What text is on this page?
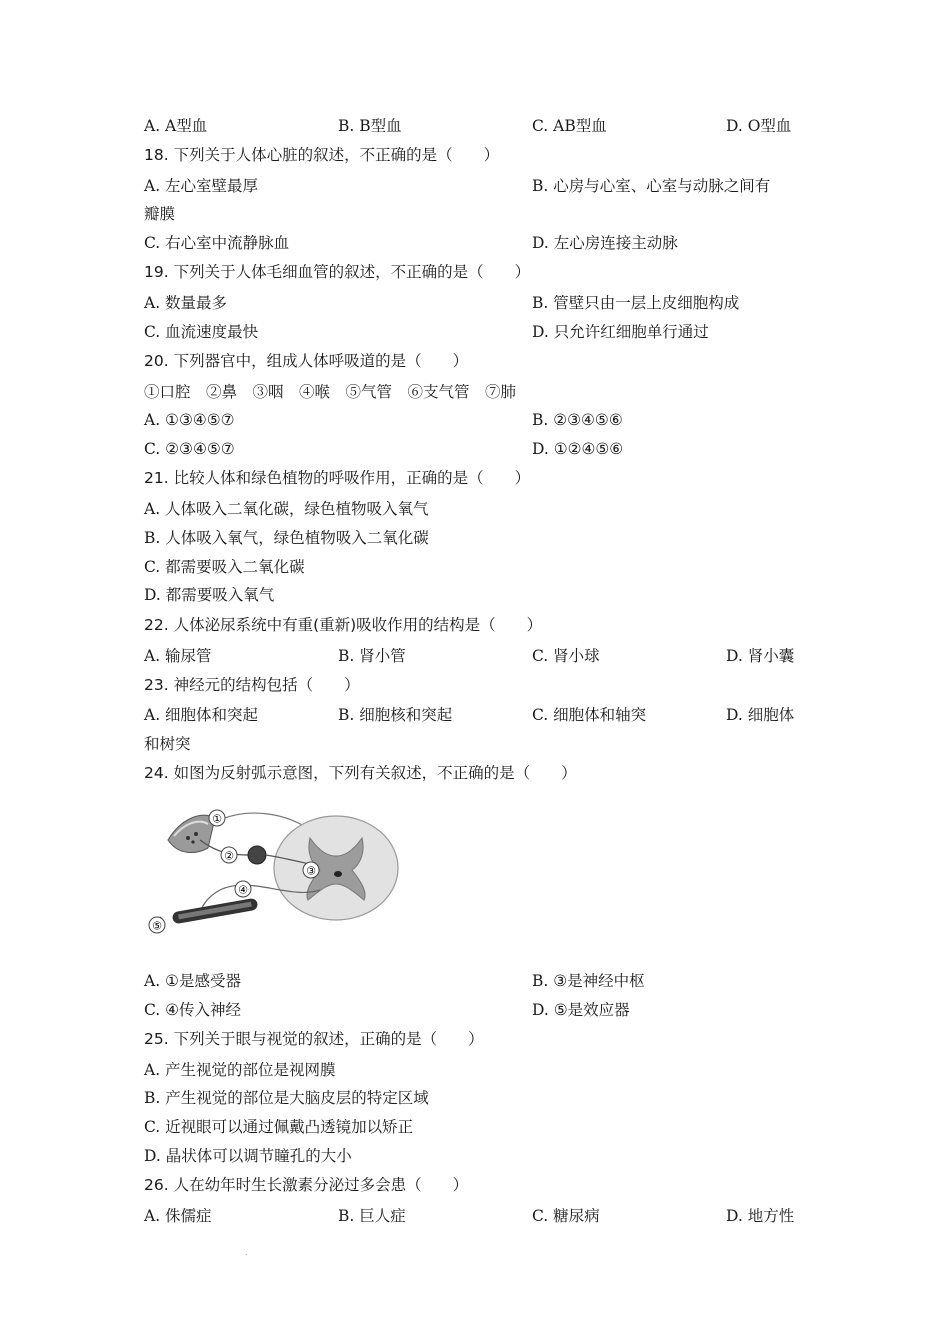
A. A型血	B. B型血	C. AB型血	D. O型血
18. 下列关于人体心脏的叙述，不正确的是（　　）
A. 左心室壁最厚	B. 心房与心室、心室与动脉之间有
瓣膜
C. 右心室中流静脉血	D. 左心房连接主动脉
19. 下列关于人体毛细血管的叙述，不正确的是（　　）
A. 数量最多	B. 管壁只由一层上皮细胞构成
C. 血流速度最快	D. 只允许红细胞单行通过
20. 下列器官中，组成人体呼吸道的是（　　）
①口腔　②鼻　③咽　④喉　⑤气管　⑥支气管　⑦肺
A. ①③④⑤⑦	B. ②③④⑤⑥
C. ②③④⑤⑦	D. ①②④⑤⑥
21. 比较人体和绿色植物的呼吸作用，正确的是（　　）
A. 人体吸入二氧化碳，绿色植物吸入氧气
B. 人体吸入氧气，绿色植物吸入二氧化碳
C. 都需要吸入二氧化碳
D. 都需要吸入氧气
22. 人体泌尿系统中有重(重新)吸收作用的结构是（　　）
A. 输尿管	B. 肾小管	C. 肾小球	D. 肾小囊
23. 神经元的结构包括（　　）
A. 细胞体和突起	B. 细胞核和突起	C. 细胞体和轴突	D. 细胞体
和树突
24. 如图为反射弧示意图，下列有关叙述，不正确的是（　　）
①
②
③
④
⑤
A. ①是感受器	B. ③是神经中枢
C. ④传入神经	D. ⑤是效应器
25. 下列关于眼与视觉的叙述，正确的是（　　）
A. 产生视觉的部位是视网膜
B. 产生视觉的部位是大脑皮层的特定区域
C. 近视眼可以通过佩戴凸透镜加以矫正
D. 晶状体可以调节瞳孔的大小
26. 人在幼年时生长激素分泌过多会患（　　）
A. 侏儒症	B. 巨人症	C. 糖尿病	D. 地方性
.
